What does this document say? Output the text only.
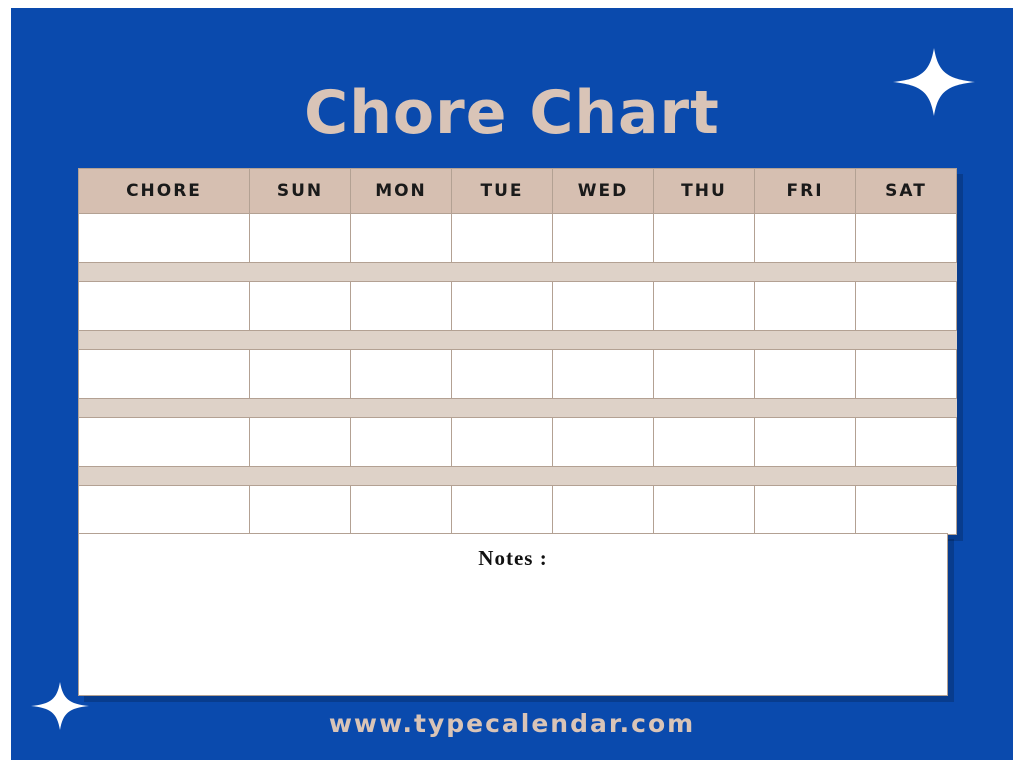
Chore Chart
CHORE	SUN	MON	TUE	WED	THU	FRI	SAT

Notes :
www.typecalendar.com
